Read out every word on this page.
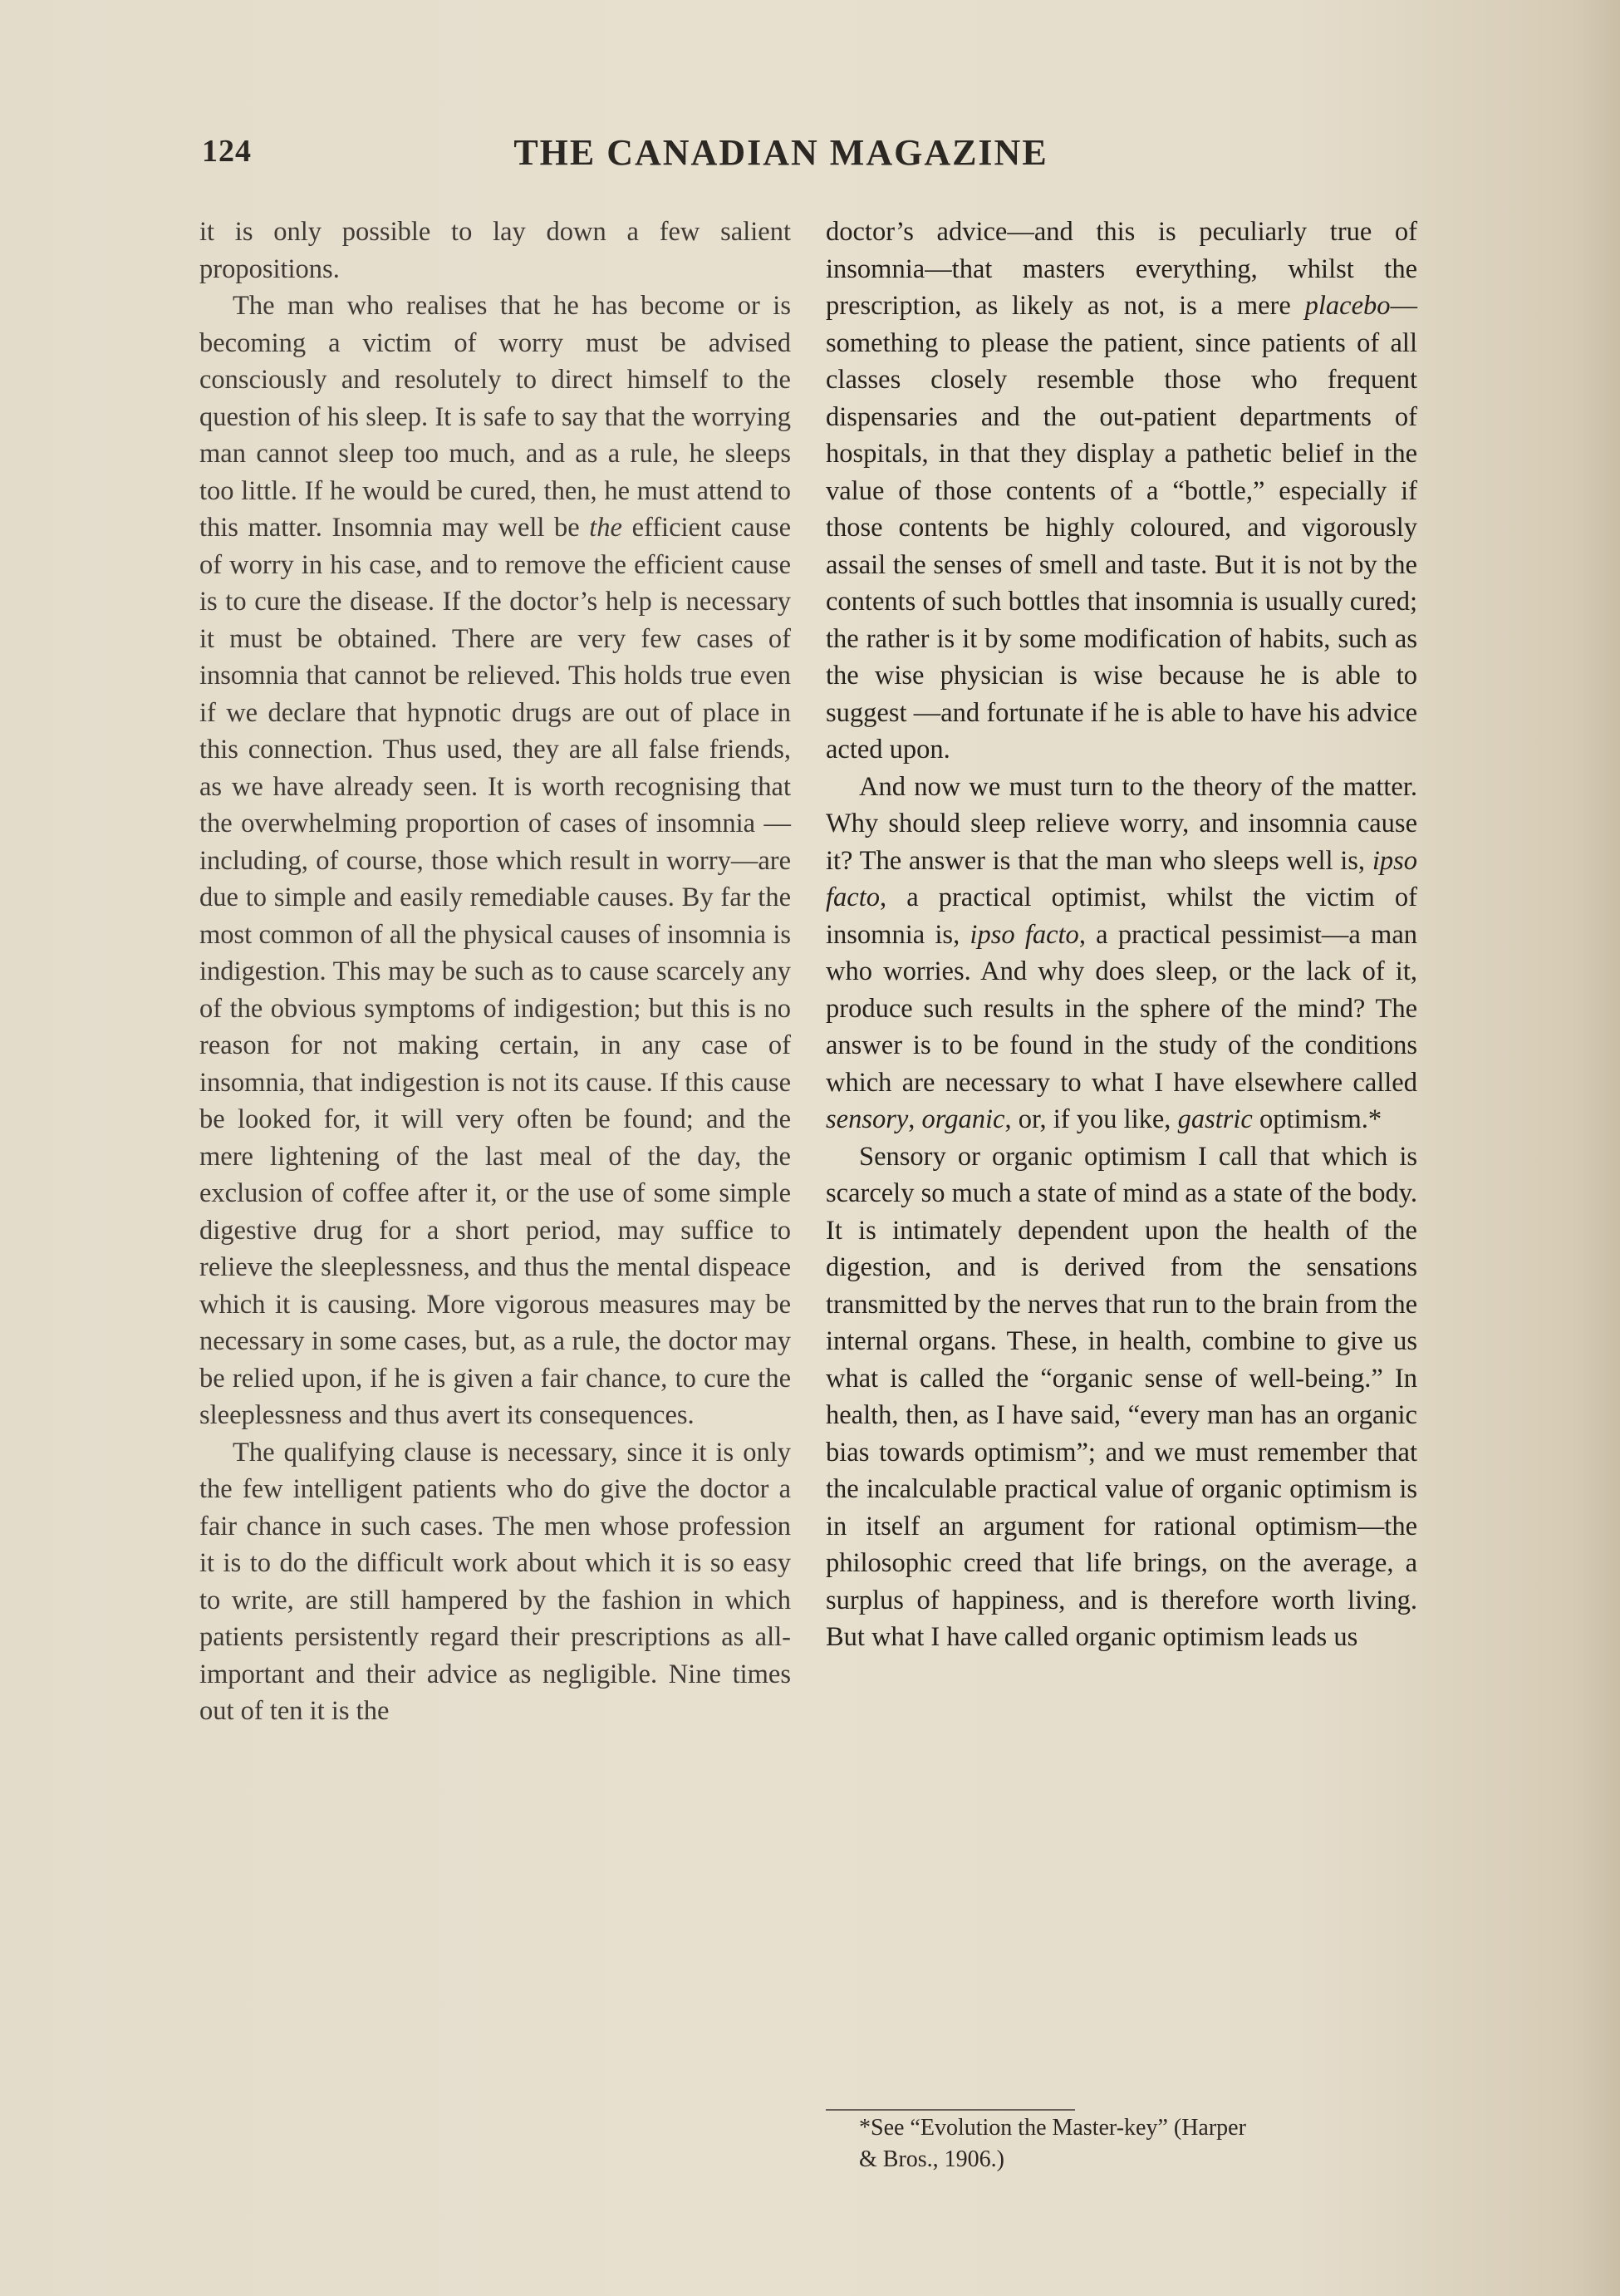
124	THE CANADIAN MAGAZINE

it is only possible to lay down a few salient propositions.

The man who realises that he has become or is becoming a victim of worry must be advised consciously and resolutely to direct himself to the question of his sleep. It is safe to say that the worrying man cannot sleep too much, and as a rule, he sleeps too little. If he would be cured, then, he must attend to this matter. Insomnia may well be the efficient cause of worry in his case, and to remove the efficient cause is to cure the disease. If the doctor’s help is necessary it must be obtained. There are very few cases of insomnia that cannot be relieved. This holds true even if we declare that hypnotic drugs are out of place in this connection. Thus used, they are all false friends, as we have already seen. It is worth recognising that the overwhelming proportion of cases of insomnia —including, of course, those which result in worry—are due to simple and easily remediable causes. By far the most common of all the physical causes of insomnia is indigestion. This may be such as to cause scarcely any of the obvious symptoms of indigestion; but this is no reason for not making certain, in any case of insomnia, that indigestion is not its cause. If this cause be looked for, it will very often be found; and the mere lightening of the last meal of the day, the exclusion of coffee after it, or the use of some simple digestive drug for a short period, may suffice to relieve the sleeplessness, and thus the mental dispeace which it is causing. More vigorous measures may be necessary in some cases, but, as a rule, the doctor may be relied upon, if he is given a fair chance, to cure the sleeplessness and thus avert its consequences.

The qualifying clause is necessary, since it is only the few intelligent patients who do give the doctor a fair chance in such cases. The men whose profession it is to do the difficult work about which it is so easy to write, are still hampered by the fashion in which patients persistently regard their prescriptions as all-important and their advice as negligible. Nine times out of ten it is the

doctor’s advice—and this is peculiarly true of insomnia—that masters everything, whilst the prescription, as likely as not, is a mere placebo—something to please the patient, since patients of all classes closely resemble those who frequent dispensaries and the out-patient departments of hospitals, in that they display a pathetic belief in the value of those contents of a “bottle,” especially if those contents be highly coloured, and vigorously assail the senses of smell and taste. But it is not by the contents of such bottles that insomnia is usually cured; the rather is it by some modification of habits, such as the wise physician is wise because he is able to suggest —and fortunate if he is able to have his advice acted upon.

And now we must turn to the theory of the matter. Why should sleep relieve worry, and insomnia cause it? The answer is that the man who sleeps well is, ipso facto, a practical optimist, whilst the victim of insomnia is, ipso facto, a practical pessimist—a man who worries. And why does sleep, or the lack of it, produce such results in the sphere of the mind? The answer is to be found in the study of the conditions which are necessary to what I have elsewhere called sensory, organic, or, if you like, gastric optimism.*

Sensory or organic optimism I call that which is scarcely so much a state of mind as a state of the body. It is intimately dependent upon the health of the digestion, and is derived from the sensations transmitted by the nerves that run to the brain from the internal organs. These, in health, combine to give us what is called the “organic sense of well-being.” In health, then, as I have said, “every man has an organic bias towards optimism”; and we must remember that the incalculable practical value of organic optimism is in itself an argument for rational optimism—the philosophic creed that life brings, on the average, a surplus of happiness, and is therefore worth living. But what I have called organic optimism leads us

*See “Evolution the Master-key” (Harper
& Bros., 1906.)
